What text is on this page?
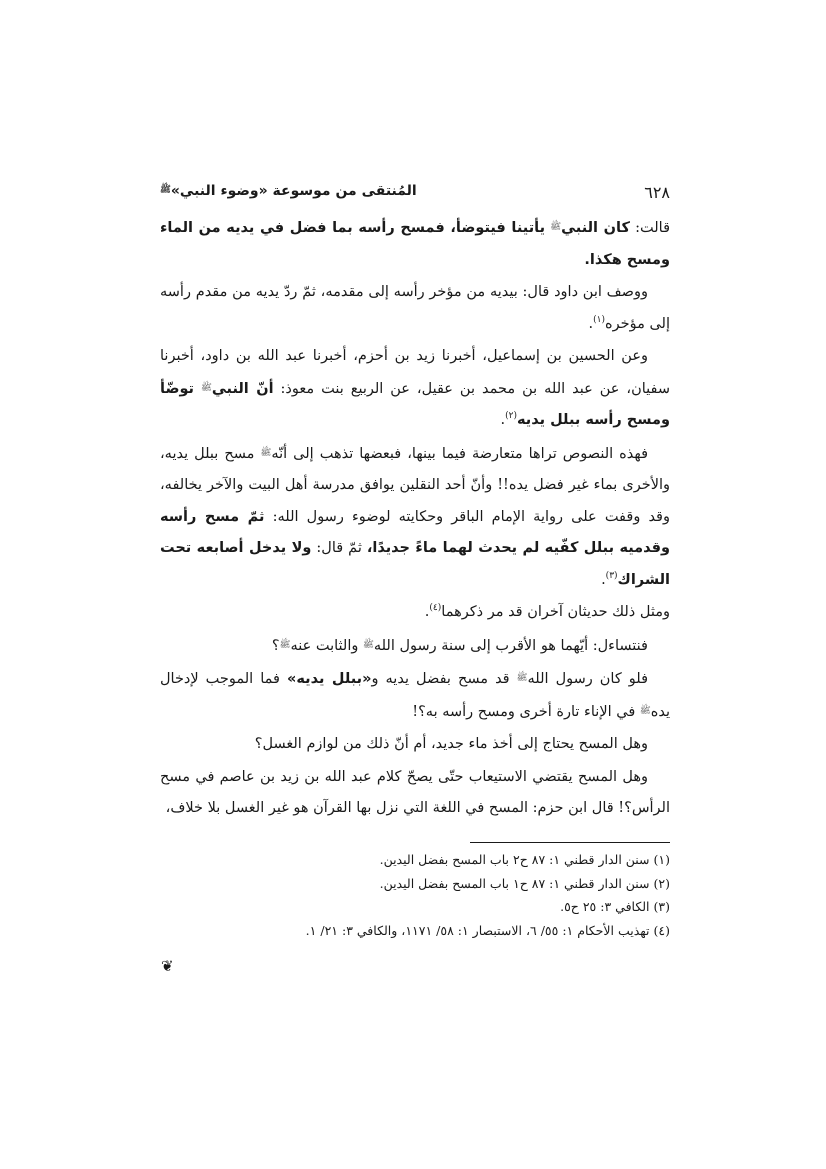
٦٢٨
المُنتقى من موسوعة «وضوء النبي»$^ﷺ$

قالت: كان النبي$^ﷺ$ يأتينا فيتوضأ، فمسح رأسه بما فضل في يديه من الماء ومسح هكذا.

ووصف ابن داود قال: بيديه من مؤخر رأسه إلى مقدمه، ثمّ ردّ يديه من مقدم رأسه إلى مؤخره$^{(١)}$.

وعن الحسين بن إسماعيل، أخبرنا زيد بن أحزم، أخبرنا عبد الله بن داود، أخبرنا سفيان، عن عبد الله بن محمد بن عقيل، عن الربيع بنت معوذ: أنّ النبي$^ﷺ$ توضّأ ومسح رأسه ببلل يديه$^{(٢)}$.

فهذه النصوص تراها متعارضة فيما بينها، فبعضها تذهب إلى أنّه$^ﷺ$ مسح ببلل يديه، والأخرى بماء غير فضل يده!! وأنّ أحد النقلين يوافق مدرسة أهل البيت والآخر يخالفه، وقد وقفت على رواية الإمام الباقر وحكايته لوضوء رسول الله: ثمّ مسح رأسه وقدميه ببلل كفّيه لم يحدث لهما ماءً جديدًا، ثمّ قال: ولا يدخل أصابعه تحت الشراك$^{(٣)}$.

ومثل ذلك حديثان آخران قد مر ذكرهما$^{(٤)}$.

فنتساءل: أيّهما هو الأقرب إلى سنة رسول الله$^ﷺ$ والثابت عنه$^ﷺ$؟

فلو كان رسول الله$^ﷺ$ قد مسح بفضل يديه و«ببلل يديه» فما الموجب لإدخال يده$^ﷺ$ في الإناء تارة أخرى ومسح رأسه به؟!

وهل المسح يحتاج إلى أخذ ماء جديد، أم أنّ ذلك من لوازم الغسل؟

وهل المسح يقتضي الاستيعاب حتّى يصحّ كلام عبد الله بن زيد بن عاصم في مسح الرأس؟! قال ابن حزم: المسح في اللغة التي نزل بها القرآن هو غير الغسل بلا خلاف،

(١) سنن الدار قطني ١: ٨٧ ح٢ باب المسح بفضل اليدين.
(٢) سنن الدار قطني ١: ٨٧ ح١ باب المسح بفضل اليدين.
(٣) الكافي ٣: ٢٥ ح٥.
(٤) تهذيب الأحكام ١: ٥٥/ ٦، الاستبصار ١: ٥٨/ ١١٧١، والكافي ٣: ٢١/ ١.
❦
